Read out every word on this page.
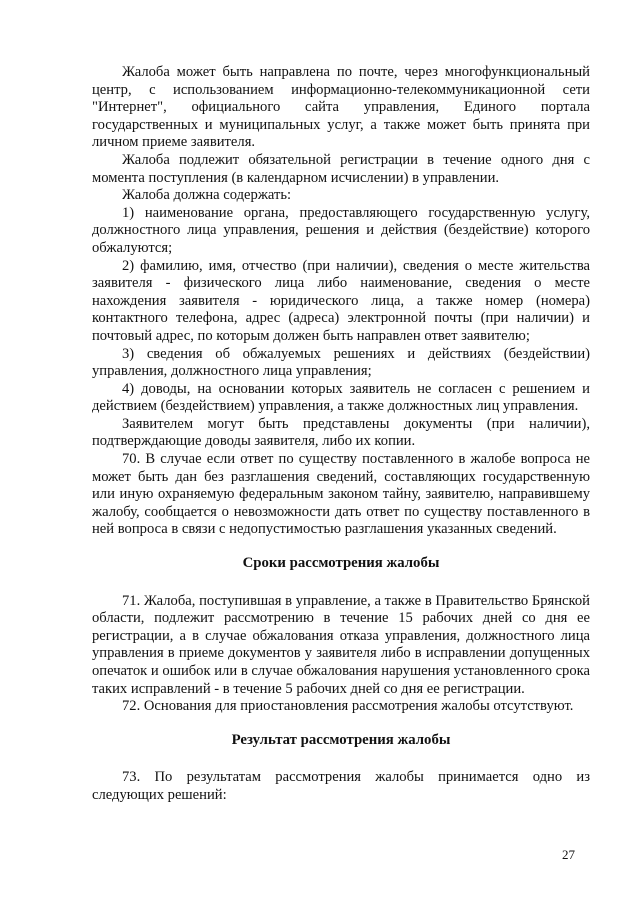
Жалоба может быть направлена по почте, через многофункциональный центр, с использованием информационно-телекоммуникационной сети "Интернет", официального сайта управления, Единого портала государственных и муниципальных услуг, а также может быть принята при личном приеме заявителя.

Жалоба подлежит обязательной регистрации в течение одного дня с момента поступления (в календарном исчислении) в управлении.

Жалоба должна содержать:

1) наименование органа, предоставляющего государственную услугу, должностного лица управления, решения и действия (бездействие) которого обжалуются;

2) фамилию, имя, отчество (при наличии), сведения о месте жительства заявителя - физического лица либо наименование, сведения о месте нахождения заявителя - юридического лица, а также номер (номера) контактного телефона, адрес (адреса) электронной почты (при наличии) и почтовый адрес, по которым должен быть направлен ответ заявителю;

3) сведения об обжалуемых решениях и действиях (бездействии) управления, должностного лица управления;

4) доводы, на основании которых заявитель не согласен с решением и действием (бездействием) управления, а также должностных лиц управления.

Заявителем могут быть представлены документы (при наличии), подтверждающие доводы заявителя, либо их копии.

70. В случае если ответ по существу поставленного в жалобе вопроса не может быть дан без разглашения сведений, составляющих государственную или иную охраняемую федеральным законом тайну, заявителю, направившему жалобу, сообщается о невозможности дать ответ по существу поставленного в ней вопроса в связи с недопустимостью разглашения указанных сведений.

Сроки рассмотрения жалобы

71. Жалоба, поступившая в управление, а также в Правительство Брянской области, подлежит рассмотрению в течение 15 рабочих дней со дня ее регистрации, а в случае обжалования отказа управления, должностного лица управления в приеме документов у заявителя либо в исправлении допущенных опечаток и ошибок или в случае обжалования нарушения установленного срока таких исправлений - в течение 5 рабочих дней со дня ее регистрации.

72. Основания для приостановления рассмотрения жалобы отсутствуют.

Результат рассмотрения жалобы

73. По результатам рассмотрения жалобы принимается одно из следующих решений:

27
